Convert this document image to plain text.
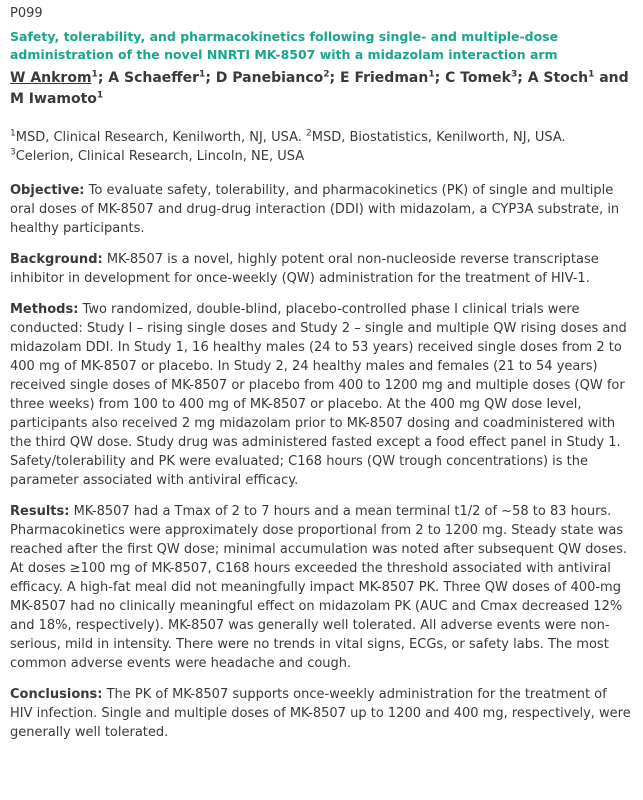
P099
Safety, tolerability, and pharmacokinetics following single- and multiple-dose administration of the novel NNRTI MK-8507 with a midazolam interaction arm
W Ankrom$^1$; A Schaeffer$^1$; D Panebianco$^2$; E Friedman$^1$; C Tomek$^3$; A Stoch$^1$ and M Iwamoto$^1$
$^1$MSD, Clinical Research, Kenilworth, NJ, USA. $^2$MSD, Biostatistics, Kenilworth, NJ, USA.
$^3$Celerion, Clinical Research, Lincoln, NE, USA
Objective: To evaluate safety, tolerability, and pharmacokinetics (PK) of single and multiple oral doses of MK-8507 and drug-drug interaction (DDI) with midazolam, a CYP3A substrate, in healthy participants.
Background: MK-8507 is a novel, highly potent oral non-nucleoside reverse transcriptase inhibitor in development for once-weekly (QW) administration for the treatment of HIV-1.
Methods: Two randomized, double-blind, placebo-controlled phase I clinical trials were conducted: Study I – rising single doses and Study 2 – single and multiple QW rising doses and midazolam DDI. In Study 1, 16 healthy males (24 to 53 years) received single doses from 2 to 400 mg of MK-8507 or placebo. In Study 2, 24 healthy males and females (21 to 54 years) received single doses of MK-8507 or placebo from 400 to 1200 mg and multiple doses (QW for three weeks) from 100 to 400 mg of MK-8507 or placebo. At the 400 mg QW dose level, participants also received 2 mg midazolam prior to MK-8507 dosing and coadministered with the third QW dose. Study drug was administered fasted except a food effect panel in Study 1. Safety/tolerability and PK were evaluated; C168 hours (QW trough concentrations) is the parameter associated with antiviral efficacy.
Results: MK-8507 had a Tmax of 2 to 7 hours and a mean terminal t1/2 of ~58 to 83 hours. Pharmacokinetics were approximately dose proportional from 2 to 1200 mg. Steady state was reached after the first QW dose; minimal accumulation was noted after subsequent QW doses. At doses ≥100 mg of MK-8507, C168 hours exceeded the threshold associated with antiviral efficacy. A high-fat meal did not meaningfully impact MK-8507 PK. Three QW doses of 400-mg MK-8507 had no clinically meaningful effect on midazolam PK (AUC and Cmax decreased 12% and 18%, respectively). MK-8507 was generally well tolerated. All adverse events were non-serious, mild in intensity. There were no trends in vital signs, ECGs, or safety labs. The most common adverse events were headache and cough.
Conclusions: The PK of MK-8507 supports once-weekly administration for the treatment of HIV infection. Single and multiple doses of MK-8507 up to 1200 and 400 mg, respectively, were generally well tolerated.
